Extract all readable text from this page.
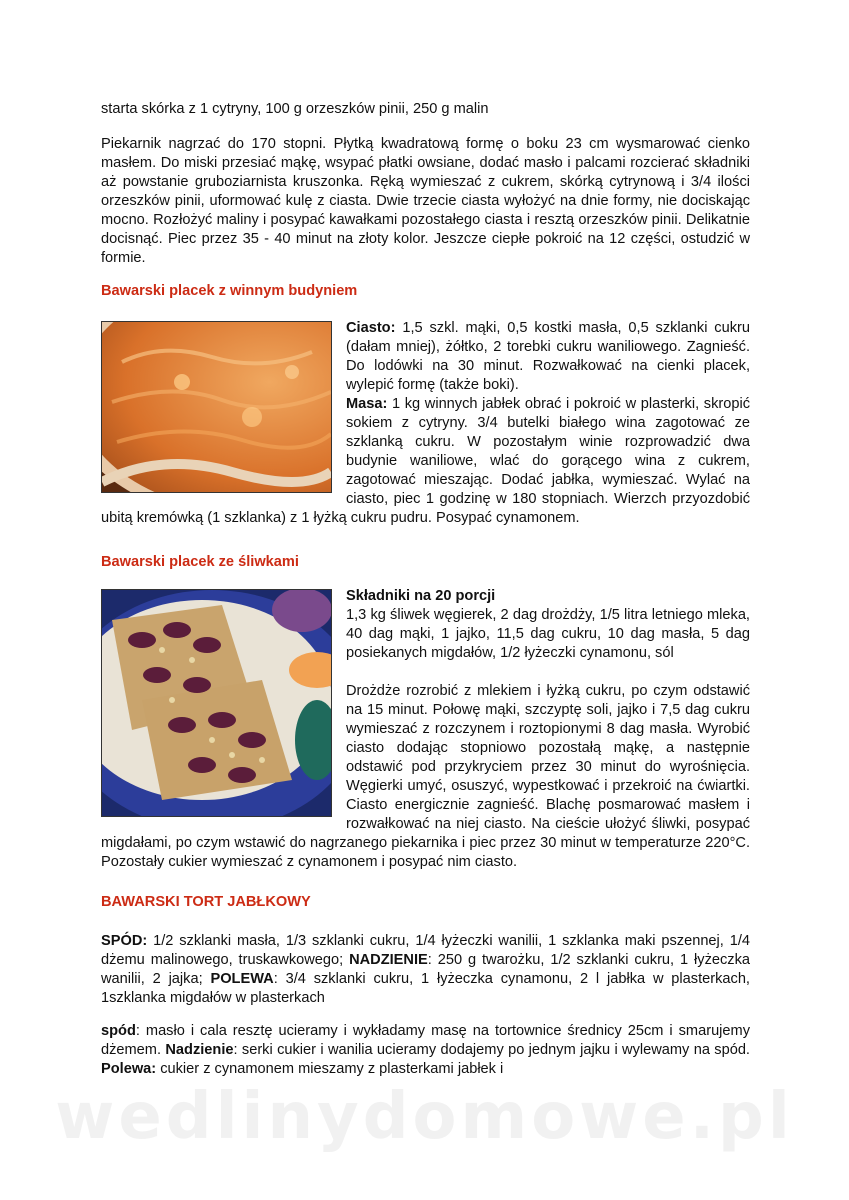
starta skórka z 1 cytryny, 100 g orzeszków pinii, 250 g malin

Piekarnik nagrzać do 170 stopni. Płytką kwadratową formę o boku 23 cm wysmarować cienko masłem. Do miski przesiać mąkę, wsypać płatki owsiane, dodać masło i palcami rozcierać składniki aż powstanie gruboziarnista kruszonka. Ręką wymieszać z cukrem, skórką cytrynową i 3/4 ilości orzeszków pinii, uformować kulę z ciasta. Dwie trzecie ciasta wyłożyć na dnie formy, nie dociskając mocno. Rozłożyć maliny i posypać kawałkami pozostałego ciasta i resztą orzeszków pinii. Delikatnie docisnąć. Piec przez 35 - 40 minut na złoty kolor. Jeszcze ciepłe pokroić na 12 części, ostudzić w formie.

Bawarski placek z winnym budyniem
Ciasto: 1,5 szkl. mąki, 0,5 kostki masła, 0,5 szklanki cukru (dałam mniej), żółtko, 2 torebki cukru waniliowego. Zagnieść. Do lodówki na 30 minut. Rozwałkować na cienki placek, wylepić formę (także boki).
Masa: 1 kg winnych jabłek obrać i pokroić w plasterki, skropić sokiem z cytryny. 3/4 butelki białego wina zagotować ze szklanką cukru. W pozostałym winie rozprowadzić dwa budynie waniliowe, wlać do gorącego wina z cukrem, zagotować mieszając. Dodać jabłka, wymieszać. Wylać na ciasto, piec 1 godzinę w 180 stopniach. Wierzch przyozdobić ubitą kremówką (1 szklanka) z 1 łyżką cukru pudru. Posypać cynamonem.
Bawarski placek ze śliwkami
Składniki na 20 porcji
1,3 kg śliwek węgierek, 2 dag drożdży, 1/5 litra letniego mleka, 40 dag mąki, 1 jajko, 11,5 dag cukru, 10 dag masła, 5 dag posiekanych migdałów, 1/2 łyżeczki cynamonu, sól

Drożdże rozrobić z mlekiem i łyżką cukru, po czym odstawić na 15 minut. Połowę mąki, szczyptę soli, jajko i 7,5 dag cukru wymieszać z rozczynem i roztopionymi 8 dag masła. Wyrobić ciasto dodając stopniowo pozostałą mąkę, a następnie odstawić pod przykryciem przez 30 minut do wyrośnięcia. Węgierki umyć, osuszyć, wypestkować i przekroić na ćwiartki. Ciasto energicznie zagnieść. Blachę posmarować masłem i rozwałkować na niej ciasto. Na cieście ułożyć śliwki, posypać migdałami, po czym wstawić do nagrzanego piekarnika i piec przez 30 minut w temperaturze 220°C. Pozostały cukier wymieszać z cynamonem i posypać nim ciasto.
BAWARSKI TORT JABŁKOWY

SPÓD: 1/2 szklanki masła, 1/3 szklanki cukru, 1/4 łyżeczki wanilii, 1 szklanka maki pszennej, 1/4 dżemu malinowego, truskawkowego; NADZIENIE: 250 g twarożku, 1/2 szklanki cukru, 1 łyżeczka wanilii, 2 jajka; POLEWA: 3/4 szklanki cukru, 1 łyżeczka cynamonu, 2 l jabłka w plasterkach, 1szklanka migdałów w plasterkach

spód: masło i cala resztę ucieramy i wykładamy masę na tortownice średnicy 25cm i smarujemy dżemem. Nadzienie: serki cukier i wanilia ucieramy dodajemy po jednym jajku i wylewamy na spód. Polewa: cukier z cynamonem mieszamy z plasterkami jabłek i

wedlinydomowe.pl
